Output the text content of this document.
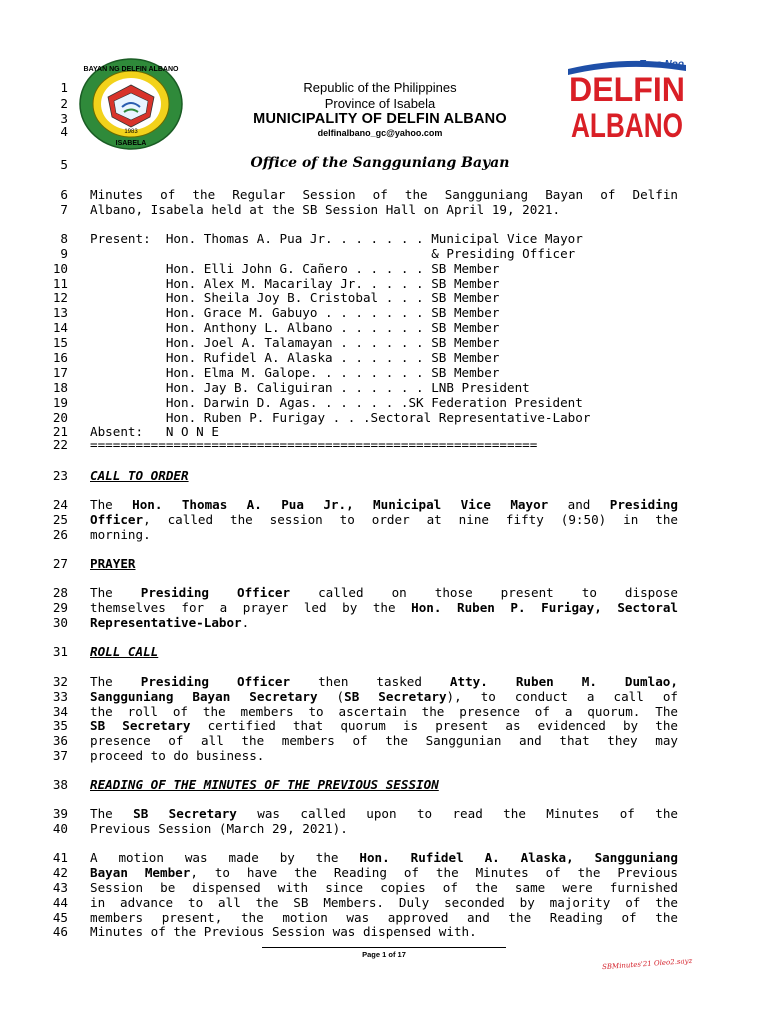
BAYAN NG DELFIN ALBANO
1983
ISABELA
Taas Noo
DELFIN
ALBANO
Republic of the Philippines
Province of Isabela
MUNICIPALITY OF DELFIN ALBANO
delfinalbano_gc@yahoo.com
Office of the Sangguniang Bayan
1
2
3
4
5
6
7
8
9
10
11
12
13
14
15
16
17
18
19
20
21
22
23
24
25
26
27
28
29
30
31
32
33
34
35
36
37
38
39
40
41
42
43
44
45
46
Minutes of the Regular Session of the Sangguniang Bayan of Delfin
Albano, Isabela held at the SB Session Hall on April 19, 2021.
Present:  Hon. Thomas A. Pua Jr. . . . . . . Municipal Vice Mayor
& Presiding Officer
Hon. Elli John G. Cañero . . . . . SB Member
Hon. Alex M. Macarilay Jr. . . . . SB Member
Hon. Sheila Joy B. Cristobal . . . SB Member
Hon. Grace M. Gabuyo . . . . . . . SB Member
Hon. Anthony L. Albano . . . . . . SB Member
Hon. Joel A. Talamayan . . . . . . SB Member
Hon. Rufidel A. Alaska . . . . . . SB Member
Hon. Elma M. Galope. . . . . . . . SB Member
Hon. Jay B. Caliguiran . . . . . . LNB President
Hon. Darwin D. Agas. . . . . . .SK Federation President
Hon. Ruben P. Furigay . . .Sectoral Representative-Labor
Absent:   N O N E
===========================================================
CALL TO ORDER
The Hon. Thomas A. Pua Jr., Municipal Vice Mayor and Presiding
Officer, called the session to order at nine fifty (9:50) in the
morning.
PRAYER
The Presiding Officer called on those present to dispose
themselves for a prayer led by the Hon. Ruben P. Furigay, Sectoral
Representative-Labor.
ROLL CALL
The Presiding Officer then tasked Atty. Ruben M. Dumlao,
Sangguniang Bayan Secretary (SB Secretary), to conduct a call of
the roll of the members to ascertain the presence of a quorum. The
SB Secretary certified that quorum is present as evidenced by the
presence of all the members of the Sanggunian and that they may
proceed to do business.
READING OF THE MINUTES OF THE PREVIOUS SESSION
The SB Secretary was called upon to read the Minutes of the
Previous Session (March 29, 2021).
A motion was made by the Hon. Rufidel A. Alaska, Sangguniang
Bayan Member, to have the Reading of the Minutes of the Previous
Session be dispensed with since copies of the same were furnished
in advance to all the SB Members. Duly seconded by majority of the
members present, the motion was approved and the Reading of the
Minutes of the Previous Session was dispensed with.
Page 1 of 17
SBMinutes'21 Oleo2.sayz
